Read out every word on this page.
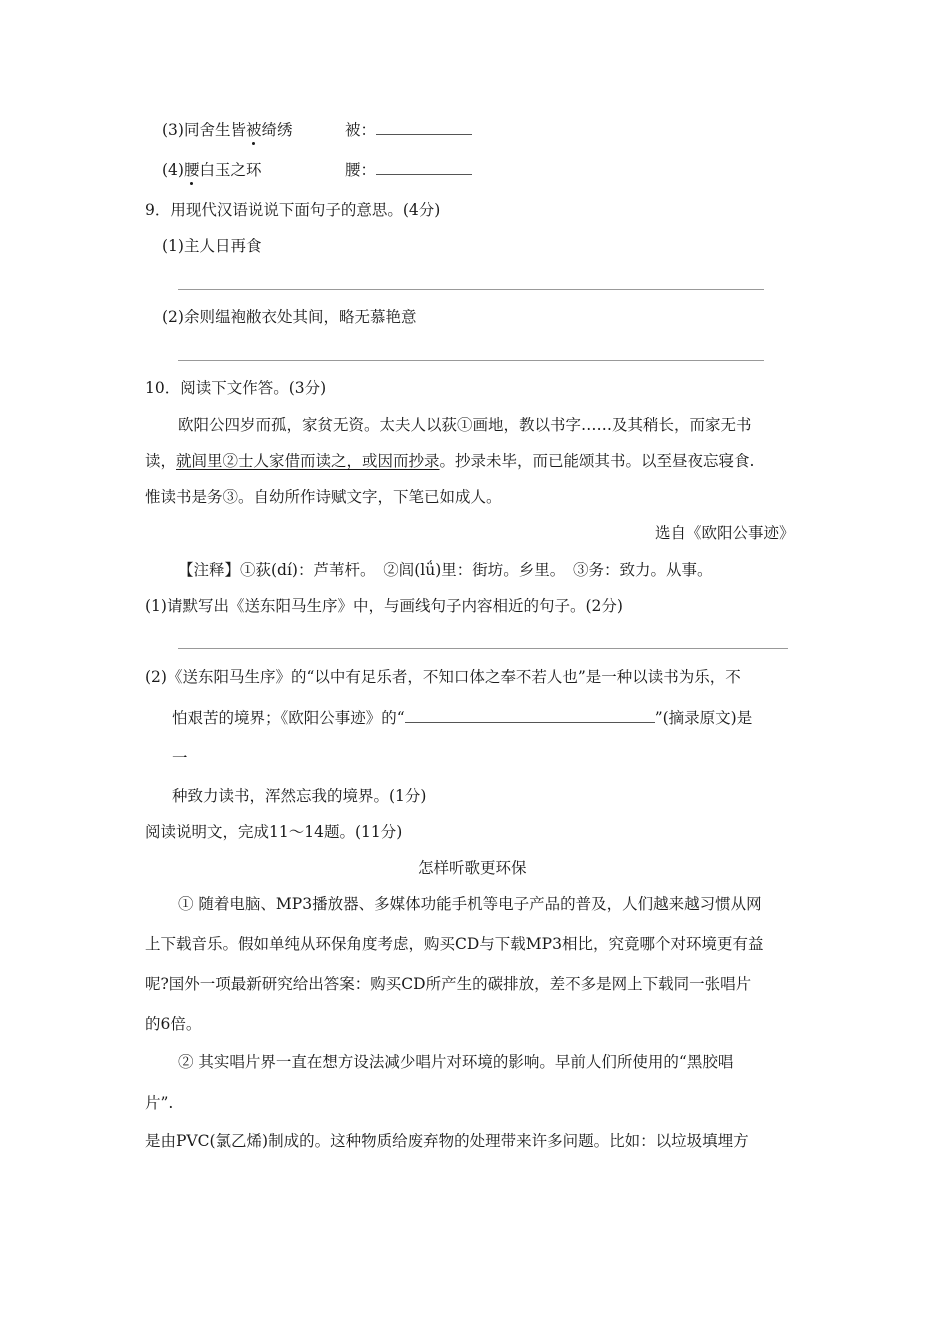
(3)同舍生皆被绮绣	被：
(4)腰白玉之环	腰：
9．用现代汉语说说下面句子的意思。(4分)
(1)主人日再食
(2)余则缊袍敝衣处其间，略无慕艳意
10．阅读下文作答。(3分)
欧阳公四岁而孤，家贫无资。太夫人以荻①画地，教以书字……及其稍长，而家无书
读，就闾里②士人家借而读之，或因而抄录。抄录未毕，而已能颂其书。以至昼夜忘寝食.
惟读书是务③。自幼所作诗赋文字，下笔已如成人。
选自《欧阳公事迹》
【注释】①荻(dí)：芦苇杆。　②闾(lǘ)里：街坊。乡里。　③务：致力。从事。
(1)请默写出《送东阳马生序》中，与画线句子内容相近的句子。(2分)
(2)《送东阳马生序》的“以中有足乐者，不知口体之奉不若人也”是一种以读书为乐，不
怕艰苦的境界；《欧阳公事迹》的“	”(摘录原文)是
一
种致力读书，浑然忘我的境界。(1分)
阅读说明文，完成11～14题。(11分)
怎样听歌更环保
① 随着电脑、MP3播放器、多媒体功能手机等电子产品的普及，人们越来越习惯从网
上下载音乐。假如单纯从环保角度考虑，购买CD与下载MP3相比，究竟哪个对环境更有益
呢?国外一项最新研究给出答案：购买CD所产生的碳排放，差不多是网上下载同一张唱片
的6倍。
② 其实唱片界一直在想方设法减少唱片对环境的影响。早前人们所使用的“黑胶唱
片”.
是由PVC(氯乙烯)制成的。这种物质给废弃物的处理带来许多问题。比如：以垃圾填埋方
